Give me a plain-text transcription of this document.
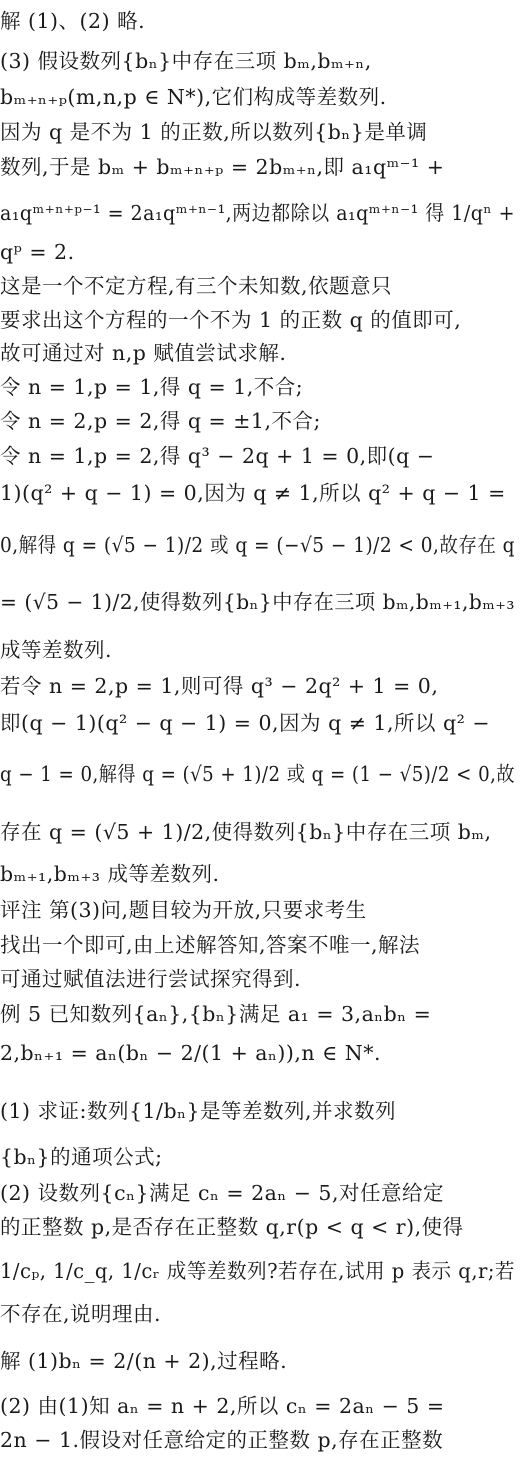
解 (1)、(2) 略.
(3) 假设数列{bₙ}中存在三项 bₘ,bₘ₊ₙ,
bₘ₊ₙ₊ₚ(m,n,p ∈ N*),它们构成等差数列.
因为 q 是不为 1 的正数,所以数列{bₙ}是单调
数列,于是 bₘ + bₘ₊ₙ₊ₚ = 2bₘ₊ₙ,即 a₁qᵐ⁻¹ +
a₁qᵐ⁺ⁿ⁺ᵖ⁻¹ = 2a₁qᵐ⁺ⁿ⁻¹,两边都除以 a₁qᵐ⁺ⁿ⁻¹ 得 1/qⁿ +
qᵖ = 2.
这是一个不定方程,有三个未知数,依题意只
要求出这个方程的一个不为 1 的正数 q 的值即可,
故可通过对 n,p 赋值尝试求解.
令 n = 1,p = 1,得 q = 1,不合;
令 n = 2,p = 2,得 q = ±1,不合;
令 n = 1,p = 2,得 q³ − 2q + 1 = 0,即(q −
1)(q² + q − 1) = 0,因为 q ≠ 1,所以 q² + q − 1 =
0,解得 q = (√5 − 1)/2 或 q = (−√5 − 1)/2 < 0,故存在 q
= (√5 − 1)/2,使得数列{bₙ}中存在三项 bₘ,bₘ₊₁,bₘ₊₃
成等差数列.
若令 n = 2,p = 1,则可得 q³ − 2q² + 1 = 0,
即(q − 1)(q² − q − 1) = 0,因为 q ≠ 1,所以 q² −
q − 1 = 0,解得 q = (√5 + 1)/2 或 q = (1 − √5)/2 < 0,故
存在 q = (√5 + 1)/2,使得数列{bₙ}中存在三项 bₘ,
bₘ₊₁,bₘ₊₃ 成等差数列.
评注 第(3)问,题目较为开放,只要求考生
找出一个即可,由上述解答知,答案不唯一,解法
可通过赋值法进行尝试探究得到.
例 5 已知数列{aₙ},{bₙ}满足 a₁ = 3,aₙbₙ =
2,bₙ₊₁ = aₙ(bₙ − 2/(1 + aₙ)),n ∈ N*.
(1) 求证:数列{1/bₙ}是等差数列,并求数列
{bₙ}的通项公式;
(2) 设数列{cₙ}满足 cₙ = 2aₙ − 5,对任意给定
的正整数 p,是否存在正整数 q,r(p < q < r),使得
1/cₚ, 1/c_q, 1/cᵣ 成等差数列?若存在,试用 p 表示 q,r;若
不存在,说明理由.
解 (1)bₙ = 2/(n + 2),过程略.
(2) 由(1)知 aₙ = n + 2,所以 cₙ = 2aₙ − 5 =
2n − 1.假设对任意给定的正整数 p,存在正整数
